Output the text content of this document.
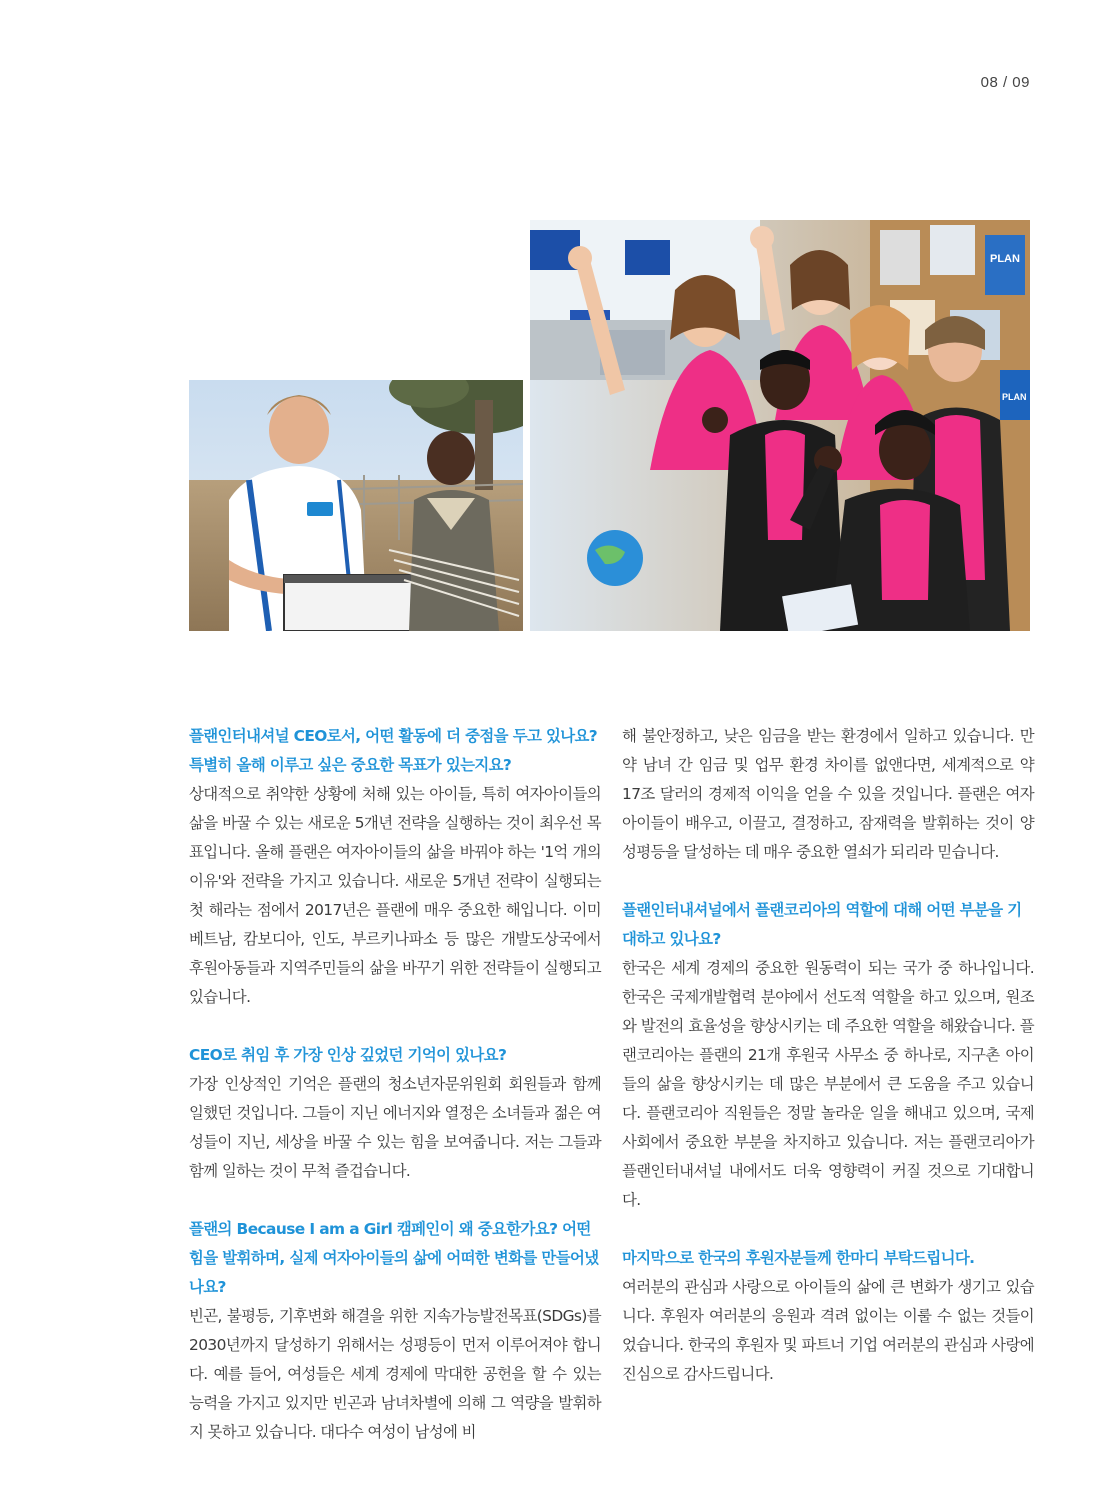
08 / 09
PLAN
PLAN

플랜인터내셔널 CEO로서, 어떤 활동에 더 중점을 두고 있나요? 특별히 올해 이루고 싶은 중요한 목표가 있는지요?

상대적으로 취약한 상황에 처해 있는 아이들, 특히 여자아이들의 삶을 바꿀 수 있는 새로운 5개년 전략을 실행하는 것이 최우선 목표입니다. 올해 플랜은 여자아이들의 삶을 바꿔야 하는 '1억 개의 이유'와 전략을 가지고 있습니다. 새로운 5개년 전략이 실행되는 첫 해라는 점에서 2017년은 플랜에 매우 중요한 해입니다. 이미 베트남, 캄보디아, 인도, 부르키나파소 등 많은 개발도상국에서 후원아동들과 지역주민들의 삶을 바꾸기 위한 전략들이 실행되고 있습니다.

CEO로 취임 후 가장 인상 깊었던 기억이 있나요?

가장 인상적인 기억은 플랜의 청소년자문위원회 회원들과 함께 일했던 것입니다. 그들이 지닌 에너지와 열정은 소녀들과 젊은 여성들이 지닌, 세상을 바꿀 수 있는 힘을 보여줍니다. 저는 그들과 함께 일하는 것이 무척 즐겁습니다.

플랜의 Because I am a Girl 캠페인이 왜 중요한가요? 어떤 힘을 발휘하며, 실제 여자아이들의 삶에 어떠한 변화를 만들어냈나요?

빈곤, 불평등, 기후변화 해결을 위한 지속가능발전목표(SDGs)를 2030년까지 달성하기 위해서는 성평등이 먼저 이루어져야 합니다. 예를 들어, 여성들은 세계 경제에 막대한 공헌을 할 수 있는 능력을 가지고 있지만 빈곤과 남녀차별에 의해 그 역량을 발휘하지 못하고 있습니다. 대다수 여성이 남성에 비

해 불안정하고, 낮은 임금을 받는 환경에서 일하고 있습니다. 만약 남녀 간 임금 및 업무 환경 차이를 없앤다면, 세계적으로 약 17조 달러의 경제적 이익을 얻을 수 있을 것입니다. 플랜은 여자아이들이 배우고, 이끌고, 결정하고, 잠재력을 발휘하는 것이 양성평등을 달성하는 데 매우 중요한 열쇠가 되리라 믿습니다.

플랜인터내셔널에서 플랜코리아의 역할에 대해 어떤 부분을 기대하고 있나요?

한국은 세계 경제의 중요한 원동력이 되는 국가 중 하나입니다. 한국은 국제개발협력 분야에서 선도적 역할을 하고 있으며, 원조와 발전의 효율성을 향상시키는 데 주요한 역할을 해왔습니다. 플랜코리아는 플랜의 21개 후원국 사무소 중 하나로, 지구촌 아이들의 삶을 향상시키는 데 많은 부분에서 큰 도움을 주고 있습니다. 플랜코리아 직원들은 정말 놀라운 일을 해내고 있으며, 국제사회에서 중요한 부분을 차지하고 있습니다. 저는 플랜코리아가 플랜인터내셔널 내에서도 더욱 영향력이 커질 것으로 기대합니다.

마지막으로 한국의 후원자분들께 한마디 부탁드립니다.

여러분의 관심과 사랑으로 아이들의 삶에 큰 변화가 생기고 있습니다. 후원자 여러분의 응원과 격려 없이는 이룰 수 없는 것들이었습니다. 한국의 후원자 및 파트너 기업 여러분의 관심과 사랑에 진심으로 감사드립니다.
